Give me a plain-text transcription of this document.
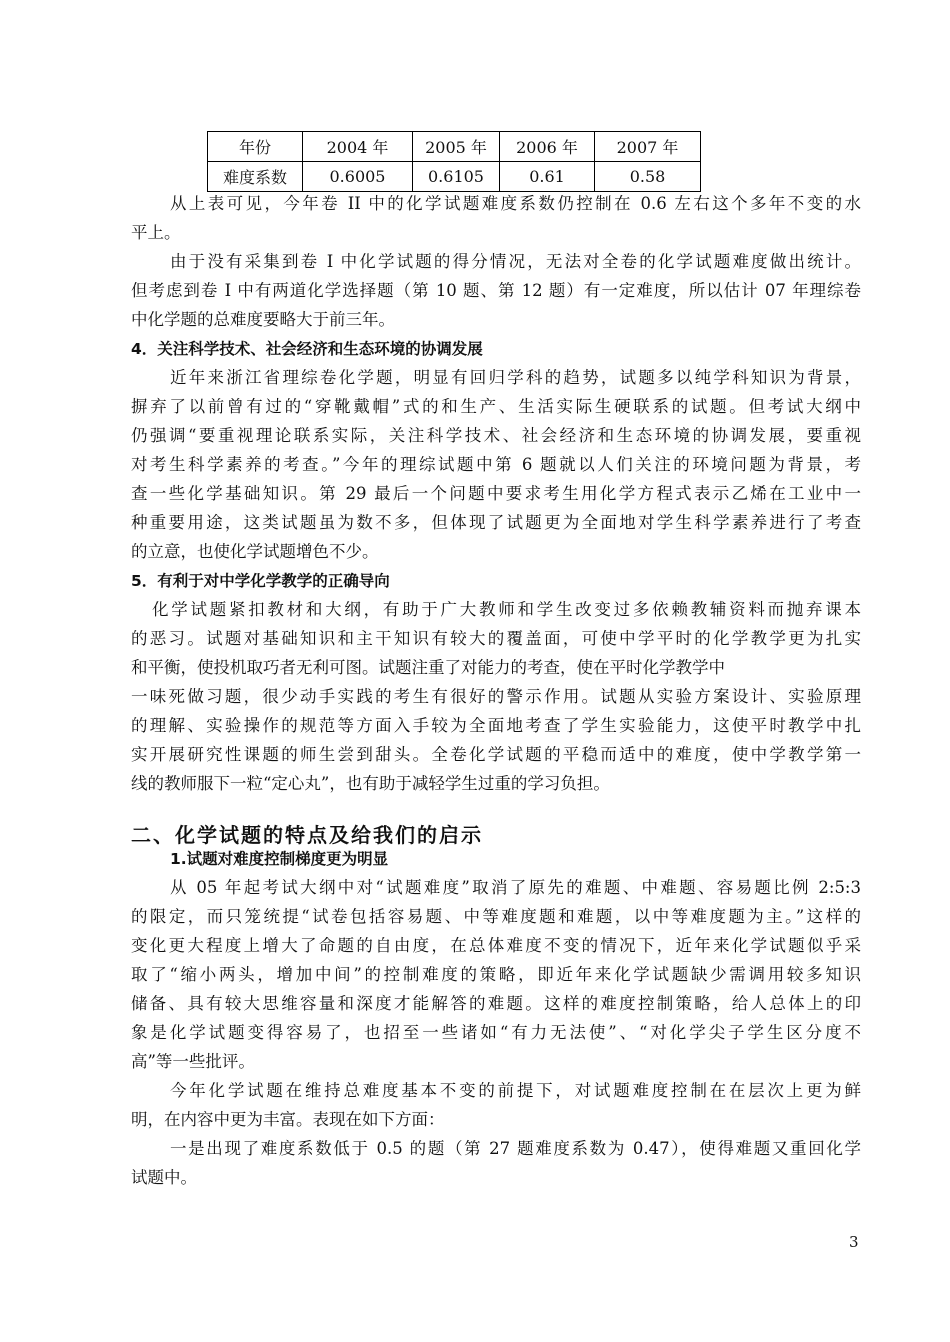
年份	2004 年	2005 年	2006 年	2007 年
难度系数	0.6005	0.6105	0.61	0.58
从上表可见，今年卷 II 中的化学试题难度系数仍控制在 0.6 左右这个多年不变的水
平上。
由于没有采集到卷 I 中化学试题的得分情况，无法对全卷的化学试题难度做出统计。
但考虑到卷 I 中有两道化学选择题（第 10 题、第 12 题）有一定难度，所以估计 07 年理综卷
中化学题的总难度要略大于前三年。
4．关注科学技术、社会经济和生态环境的协调发展
近年来浙江省理综卷化学题，明显有回归学科的趋势，试题多以纯学科知识为背景，
摒弃了以前曾有过的“穿靴戴帽”式的和生产、生活实际生硬联系的试题。但考试大纲中
仍强调“要重视理论联系实际，关注科学技术、社会经济和生态环境的协调发展，要重视
对考生科学素养的考查。”今年的理综试题中第 6 题就以人们关注的环境问题为背景，考
查一些化学基础知识。第 29 最后一个问题中要求考生用化学方程式表示乙烯在工业中一
种重要用途，这类试题虽为数不多，但体现了试题更为全面地对学生科学素养进行了考查
的立意，也使化学试题增色不少。
5．有利于对中学化学教学的正确导向
化学试题紧扣教材和大纲，有助于广大教师和学生改变过多依赖教辅资料而抛弃课本
的恶习。试题对基础知识和主干知识有较大的覆盖面，可使中学平时的化学教学更为扎实
和平衡，使投机取巧者无利可图。试题注重了对能力的考查，使在平时化学教学中
一味死做习题，很少动手实践的考生有很好的警示作用。试题从实验方案设计、实验原理
的理解、实验操作的规范等方面入手较为全面地考查了学生实验能力，这使平时教学中扎
实开展研究性课题的师生尝到甜头。全卷化学试题的平稳而适中的难度，使中学教学第一
线的教师服下一粒“定心丸”，也有助于减轻学生过重的学习负担。
二、化学试题的特点及给我们的启示
1.试题对难度控制梯度更为明显
从 05 年起考试大纲中对“试题难度”取消了原先的难题、中难题、容易题比例 2:5:3
的限定，而只笼统提“试卷包括容易题、中等难度题和难题，以中等难度题为主。”这样的
变化更大程度上增大了命题的自由度，在总体难度不变的情况下，近年来化学试题似乎采
取了“缩小两头，增加中间”的控制难度的策略，即近年来化学试题缺少需调用较多知识
储备、具有较大思维容量和深度才能解答的难题。这样的难度控制策略，给人总体上的印
象是化学试题变得容易了，也招至一些诸如“有力无法使”、“对化学尖子学生区分度不
高”等一些批评。
今年化学试题在维持总难度基本不变的前提下，对试题难度控制在在层次上更为鲜
明，在内容中更为丰富。表现在如下方面：
一是出现了难度系数低于 0.5 的题（第 27 题难度系数为 0.47），使得难题又重回化学
试题中。
3
